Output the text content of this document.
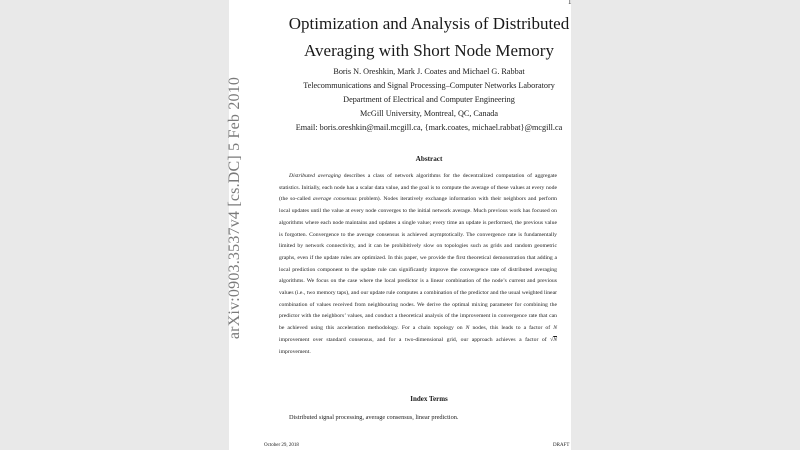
1
arXiv:0903.3537v4 [cs.DC] 5 Feb 2010
Optimization and Analysis of Distributed
Averaging with Short Node Memory
Boris N. Oreshkin, Mark J. Coates and Michael G. Rabbat
Telecommunications and Signal Processing–Computer Networks Laboratory
Department of Electrical and Computer Engineering
McGill University, Montreal, QC, Canada
Email: boris.oreshkin@mail.mcgill.ca, {mark.coates, michael.rabbat}@mcgill.ca
Abstract
Distributed averaging describes a class of network algorithms for the decentralized computation of aggregate statistics. Initially, each node has a scalar data value, and the goal is to compute the average of these values at every node (the so-called average consensus problem). Nodes iteratively exchange information with their neighbors and perform local updates until the value at every node converges to the initial network average. Much previous work has focused on algorithms where each node maintains and updates a single value; every time an update is performed, the previous value is forgotten. Convergence to the average consensus is achieved asymptotically. The convergence rate is fundamentally limited by network connectivity, and it can be prohibitively slow on topologies such as grids and random geometric graphs, even if the update rules are optimized. In this paper, we provide the first theoretical demonstration that adding a local prediction component to the update rule can significantly improve the convergence rate of distributed averaging algorithms. We focus on the case where the local predictor is a linear combination of the node’s current and previous values (i.e., two memory taps), and our update rule computes a combination of the predictor and the usual weighted linear combination of values received from neighbouring nodes. We derive the optimal mixing parameter for combining the predictor with the neighbors’ values, and conduct a theoretical analysis of the improvement in convergence rate that can be achieved using this acceleration methodology. For a chain topology on N nodes, this leads to a factor of N improvement over standard consensus, and for a two-dimensional grid, our approach achieves a factor of √N improvement.
Index Terms
Distributed signal processing, average consensus, linear prediction.
October 29, 2018	DRAFT
